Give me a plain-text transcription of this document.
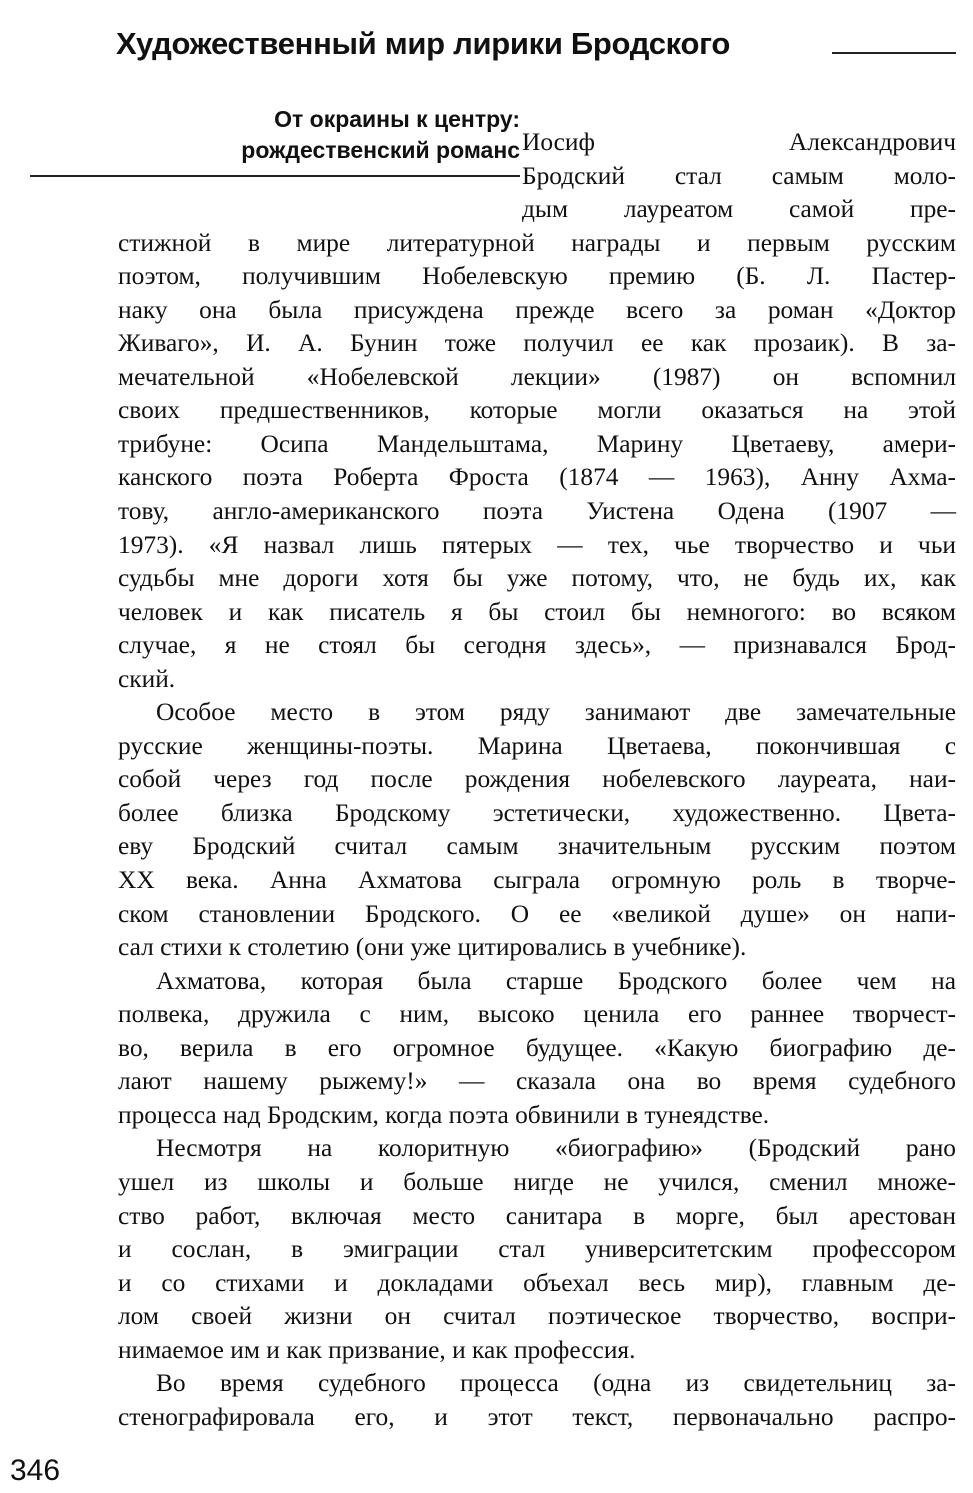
Художественный мир лирики Бродского
От окраины к центру:
рождественский романс Иосиф Александрович
Бродский стал самым моло-
дым лауреатом самой пре-
стижной в мире литературной награды и первым русским
поэтом, получившим Нобелевскую премию (Б. Л. Пастер-
наку она была присуждена прежде всего за роман «Доктор
Живаго», И. А. Бунин тоже получил ее как прозаик). В за-
мечательной «Нобелевской лекции» (1987) он вспомнил
своих предшественников, которые могли оказаться на этой
трибуне: Осипа Мандельштама, Марину Цветаеву, амери-
канского поэта Роберта Фроста (1874 — 1963), Анну Ахма-
тову, англо-американского поэта Уистена Одена (1907 —
1973). «Я назвал лишь пятерых — тех, чье творчество и чьи
судьбы мне дороги хотя бы уже потому, что, не будь их, как
человек и как писатель я бы стоил бы немногого: во всяком
случае, я не стоял бы сегодня здесь», — признавался Брод-
ский.
Особое место в этом ряду занимают две замечательные
русские женщины-поэты. Марина Цветаева, покончившая с
собой через год после рождения нобелевского лауреата, наи-
более близка Бродскому эстетически, художественно. Цвета-
еву Бродский считал самым значительным русским поэтом
XX века. Анна Ахматова сыграла огромную роль в творче-
ском становлении Бродского. О ее «великой душе» он напи-
сал стихи к столетию (они уже цитировались в учебнике).
Ахматова, которая была старше Бродского более чем на
полвека, дружила с ним, высоко ценила его раннее творчест-
во, верила в его огромное будущее. «Какую биографию де-
лают нашему рыжему!» — сказала она во время судебного
процесса над Бродским, когда поэта обвинили в тунеядстве.
Несмотря на колоритную «биографию» (Бродский рано
ушел из школы и больше нигде не учился, сменил множе-
ство работ, включая место санитара в морге, был арестован
и сослан, в эмиграции стал университетским профессором
и со стихами и докладами объехал весь мир), главным де-
лом своей жизни он считал поэтическое творчество, воспри-
нимаемое им и как призвание, и как профессия.
Во время судебного процесса (одна из свидетельниц за-
стенографировала его, и этот текст, первоначально распро-
346
